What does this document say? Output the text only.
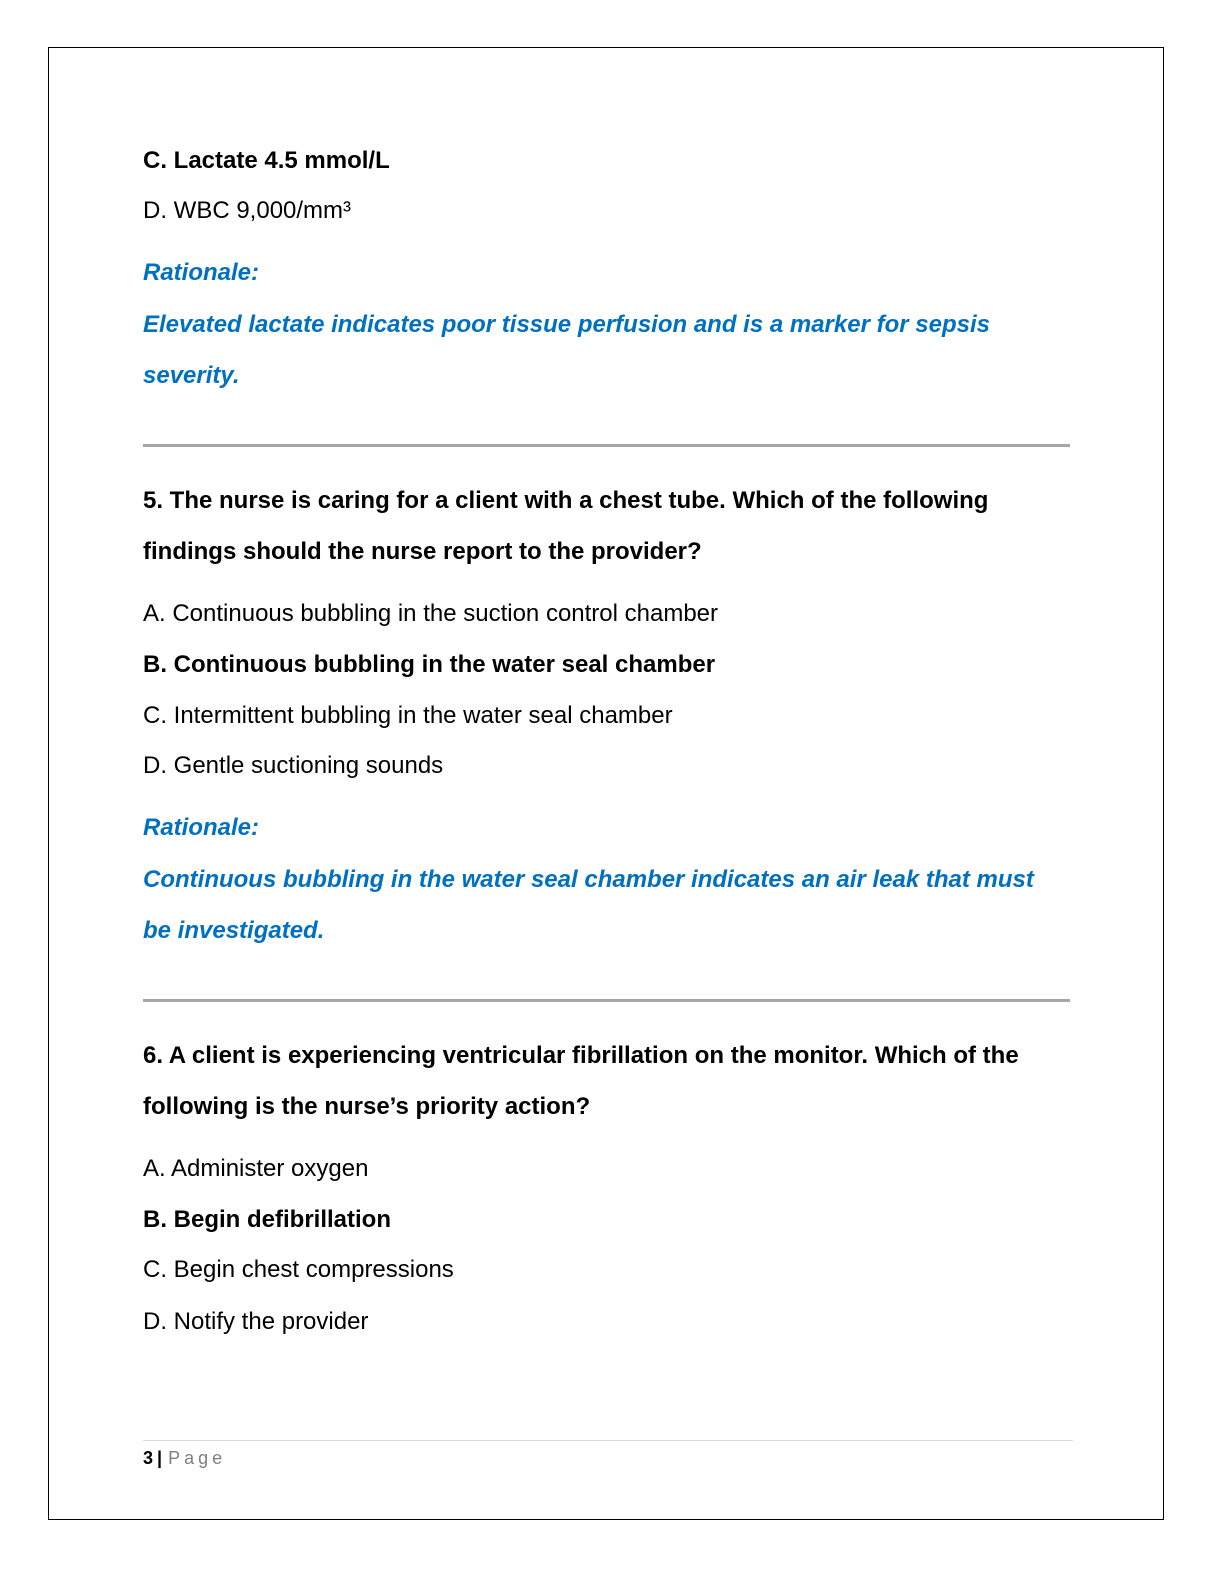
C. Lactate 4.5 mmol/L
D. WBC 9,000/mm³
Rationale:
Elevated lactate indicates poor tissue perfusion and is a marker for sepsis
severity.
5. The nurse is caring for a client with a chest tube. Which of the following
findings should the nurse report to the provider?
A. Continuous bubbling in the suction control chamber
B. Continuous bubbling in the water seal chamber
C. Intermittent bubbling in the water seal chamber
D. Gentle suctioning sounds
Rationale:
Continuous bubbling in the water seal chamber indicates an air leak that must
be investigated.
6. A client is experiencing ventricular fibrillation on the monitor. Which of the
following is the nurse’s priority action?
A. Administer oxygen
B. Begin defibrillation
C. Begin chest compressions
D. Notify the provider
3 | Page
